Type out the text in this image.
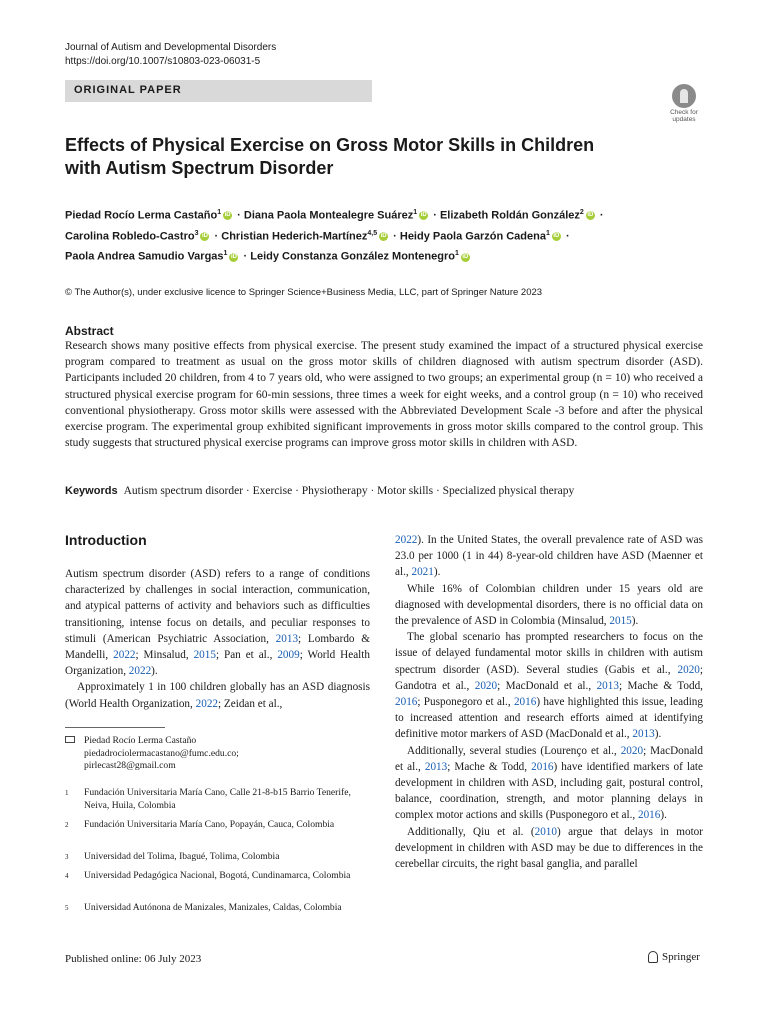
Journal of Autism and Developmental Disorders
https://doi.org/10.1007/s10803-023-06031-5
ORIGINAL PAPER
Check for
updates
Effects of Physical Exercise on Gross Motor Skills in Children
with Autism Spectrum Disorder
Piedad Rocío Lerma Castaño$^1$ iD · Diana Paola Montealegre Suárez$^1$ iD · Elizabeth Roldán González$^2$ iD ·
Carolina Robledo-Castro$^3$ iD · Christian Hederich-Martínez$^{4,5}$ iD · Heidy Paola Garzón Cadena$^1$ iD ·
Paola Andrea Samudio Vargas$^1$ iD · Leidy Constanza González Montenegro$^1$ iD
© The Author(s), under exclusive licence to Springer Science+Business Media, LLC, part of Springer Nature 2023
Abstract
Research shows many positive effects from physical exercise. The present study examined the impact of a structured physical exercise program compared to treatment as usual on the gross motor skills of children diagnosed with autism spectrum disorder (ASD). Participants included 20 children, from 4 to 7 years old, who were assigned to two groups; an experimental group (n = 10) who received a structured physical exercise program for 60-min sessions, three times a week for eight weeks, and a control group (n = 10) who received conventional physiotherapy. Gross motor skills were assessed with the Abbreviated Development Scale -3 before and after the physical exercise program. The experimental group exhibited significant improvements in gross motor skills compared to the control group. This study suggests that structured physical exercise programs can improve gross motor skills in children with ASD.
Keywords Autism spectrum disorder · Exercise · Physiotherapy · Motor skills · Specialized physical therapy
Introduction

Autism spectrum disorder (ASD) refers to a range of conditions characterized by challenges in social interaction, communication, and atypical patterns of activity and behaviors such as difficulties transitioning, intense focus on details, and peculiar responses to stimuli (American Psychiatric Association, 2013; Lombardo & Mandelli, 2022; Minsalud, 2015; Pan et al., 2009; World Health Organization, 2022).

Approximately 1 in 100 children globally has an ASD diagnosis (World Health Organization, 2022; Zeidan et al.,

Piedad Rocío Lerma Castaño
piedadrociolermacastano@fumc.edu.co;
pirlecast28@gmail.com
1 Fundación Universitaria María Cano, Calle 21-8-b15 Barrio Tenerife, Neiva, Huila, Colombia
2 Fundación Universitaria María Cano, Popayán, Cauca, Colombia
3 Universidad del Tolima, Ibagué, Tolima, Colombia
4 Universidad Pedagógica Nacional, Bogotá, Cundinamarca, Colombia
5 Universidad Autónona de Manizales, Manizales, Caldas, Colombia

2022). In the United States, the overall prevalence rate of ASD was 23.0 per 1000 (1 in 44) 8-year-old children have ASD (Maenner et al., 2021).

While 16% of Colombian children under 15 years old are diagnosed with developmental disorders, there is no official data on the prevalence of ASD in Colombia (Minsalud, 2015).

The global scenario has prompted researchers to focus on the issue of delayed fundamental motor skills in children with autism spectrum disorder (ASD). Several studies (Gabis et al., 2020; Gandotra et al., 2020; MacDonald et al., 2013; Mache & Todd, 2016; Pusponegoro et al., 2016) have highlighted this issue, leading to increased attention and research efforts aimed at identifying definitive motor markers of ASD (MacDonald et al., 2013).

Additionally, several studies (Lourenço et al., 2020; MacDonald et al., 2013; Mache & Todd, 2016) have identified markers of late development in children with ASD, including gait, postural control, balance, coordination, strength, and motor planning delays in complex motor actions and skills (Pusponegoro et al., 2016).

Additionally, Qiu et al. (2010) argue that delays in motor development in children with ASD may be due to differences in the cerebellar circuits, the right basal ganglia, and parallel

Published online: 06 July 2023	Springer
